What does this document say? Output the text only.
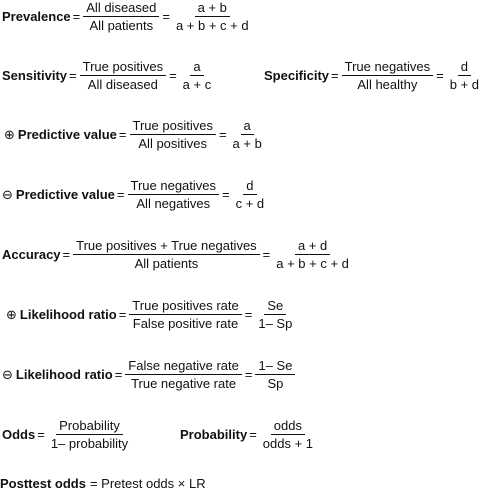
Prevalence = $\frac{\text{All diseased}}{\text{All patients}} = \frac{a + b}{a + b + c + d}$
Sensitivity = $\frac{\text{True positives}}{\text{All diseased}} = \frac{a}{a + c}$	Specificity = $\frac{\text{True negatives}}{\text{All healthy}} = \frac{d}{b + d}$
⊕ Predictive value = $\frac{\text{True positives}}{\text{All positives}} = \frac{a}{a + b}$
⊖ Predictive value = $\frac{\text{True negatives}}{\text{All negatives}} = \frac{d}{c + d}$
Accuracy = $\frac{\text{True positives + True negatives}}{\text{All patients}} = \frac{a + d}{a + b + c + d}$
⊕ Likelihood ratio = $\frac{\text{True positives rate}}{\text{False positive rate}} = \frac{Se}{1- Sp}$
⊖ Likelihood ratio = $\frac{\text{False negative rate}}{\text{True negative rate}} = \frac{1- Se}{Sp}$
Odds = $\frac{\text{Probability}}{\text{1– probability}}$	Probability = $\frac{\text{odds}}{\text{odds + 1}}$
Posttest odds = Pretest odds × LR
